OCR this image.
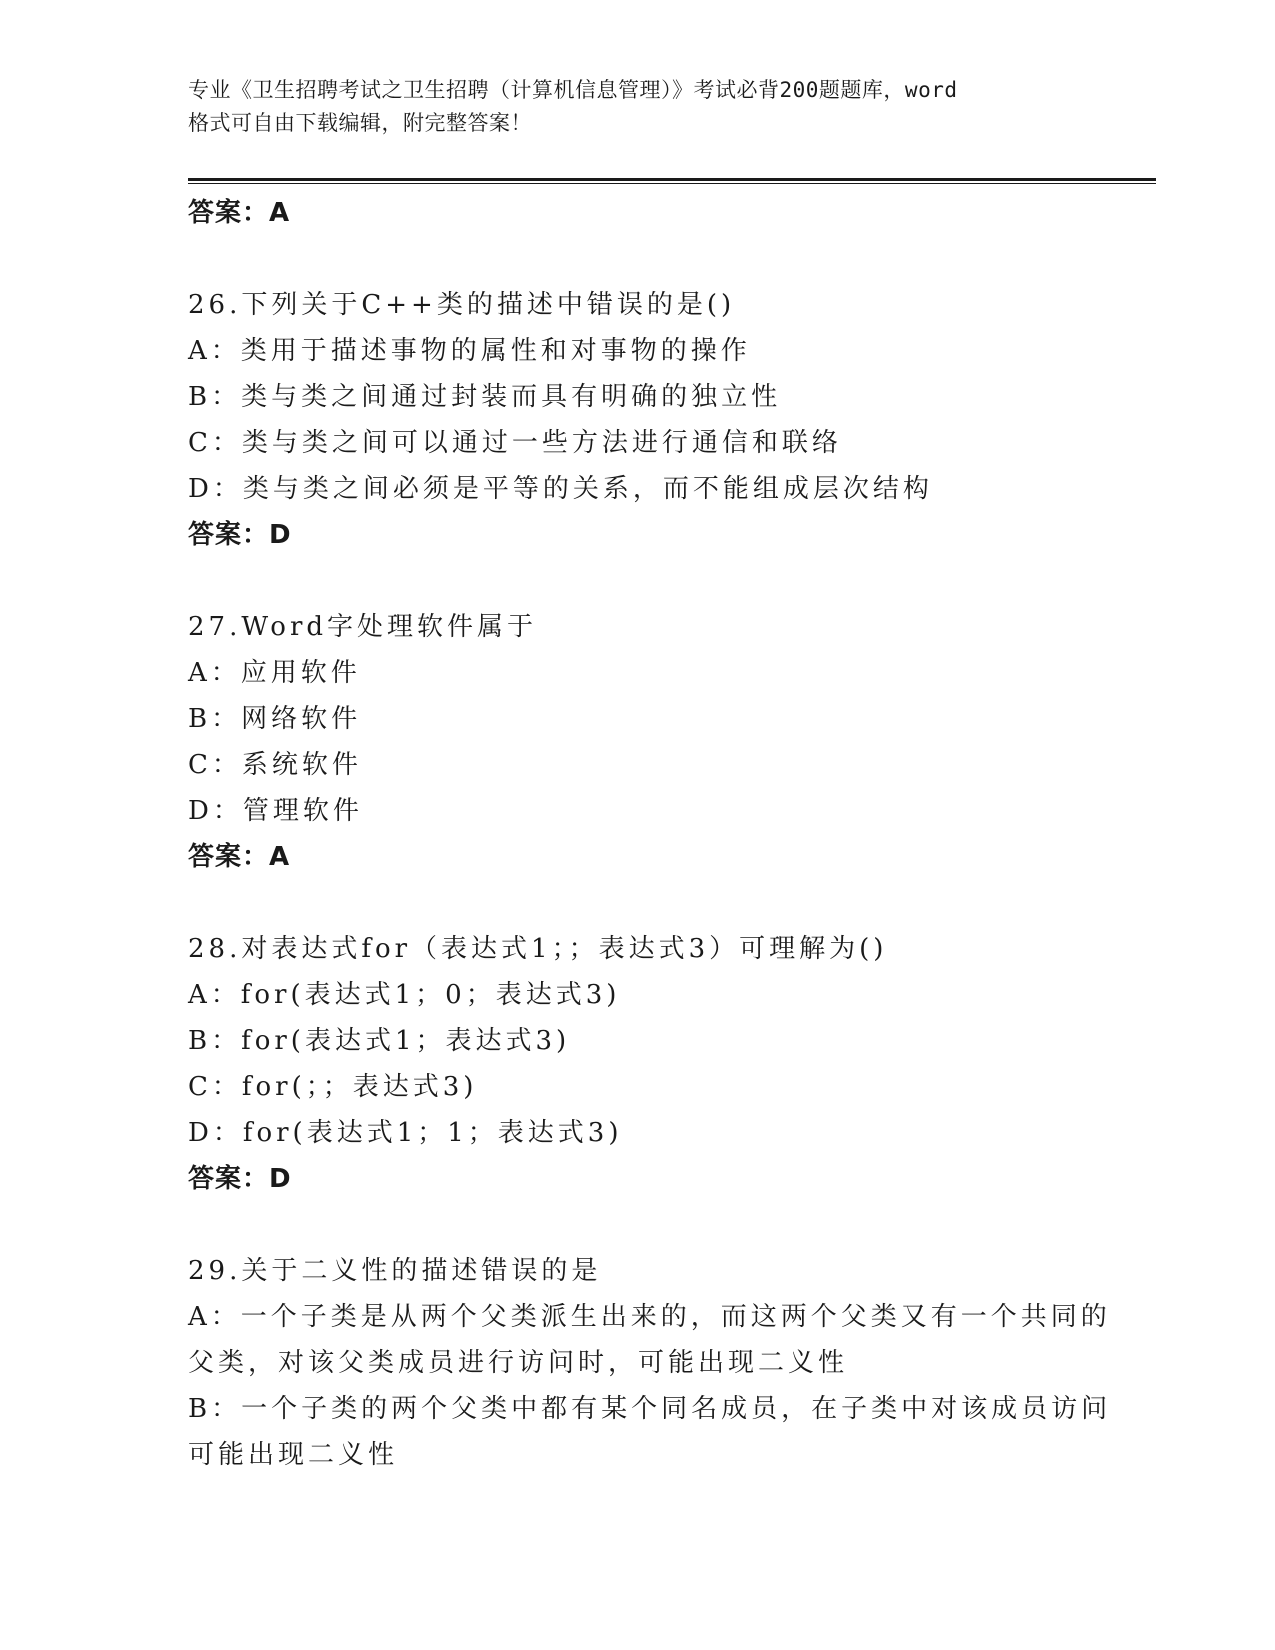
专业《卫生招聘考试之卫生招聘（计算机信息管理）》考试必背200题题库，word
格式可自由下载编辑，附完整答案！
答案：A
26.下列关于C++类的描述中错误的是()
A：类用于描述事物的属性和对事物的操作
B：类与类之间通过封装而具有明确的独立性
C：类与类之间可以通过一些方法进行通信和联络
D：类与类之间必须是平等的关系，而不能组成层次结构
答案：D
27.Word字处理软件属于
A：应用软件
B：网络软件
C：系统软件
D：管理软件
答案：A
28.对表达式for（表达式1；；表达式3）可理解为()
A：for(表达式1；0；表达式3)
B：for(表达式1；表达式3)
C：for(；；表达式3)
D：for(表达式1；1；表达式3)
答案：D
29.关于二义性的描述错误的是
A：一个子类是从两个父类派生出来的，而这两个父类又有一个共同的
父类，对该父类成员进行访问时，可能出现二义性
B：一个子类的两个父类中都有某个同名成员，在子类中对该成员访问
可能出现二义性
